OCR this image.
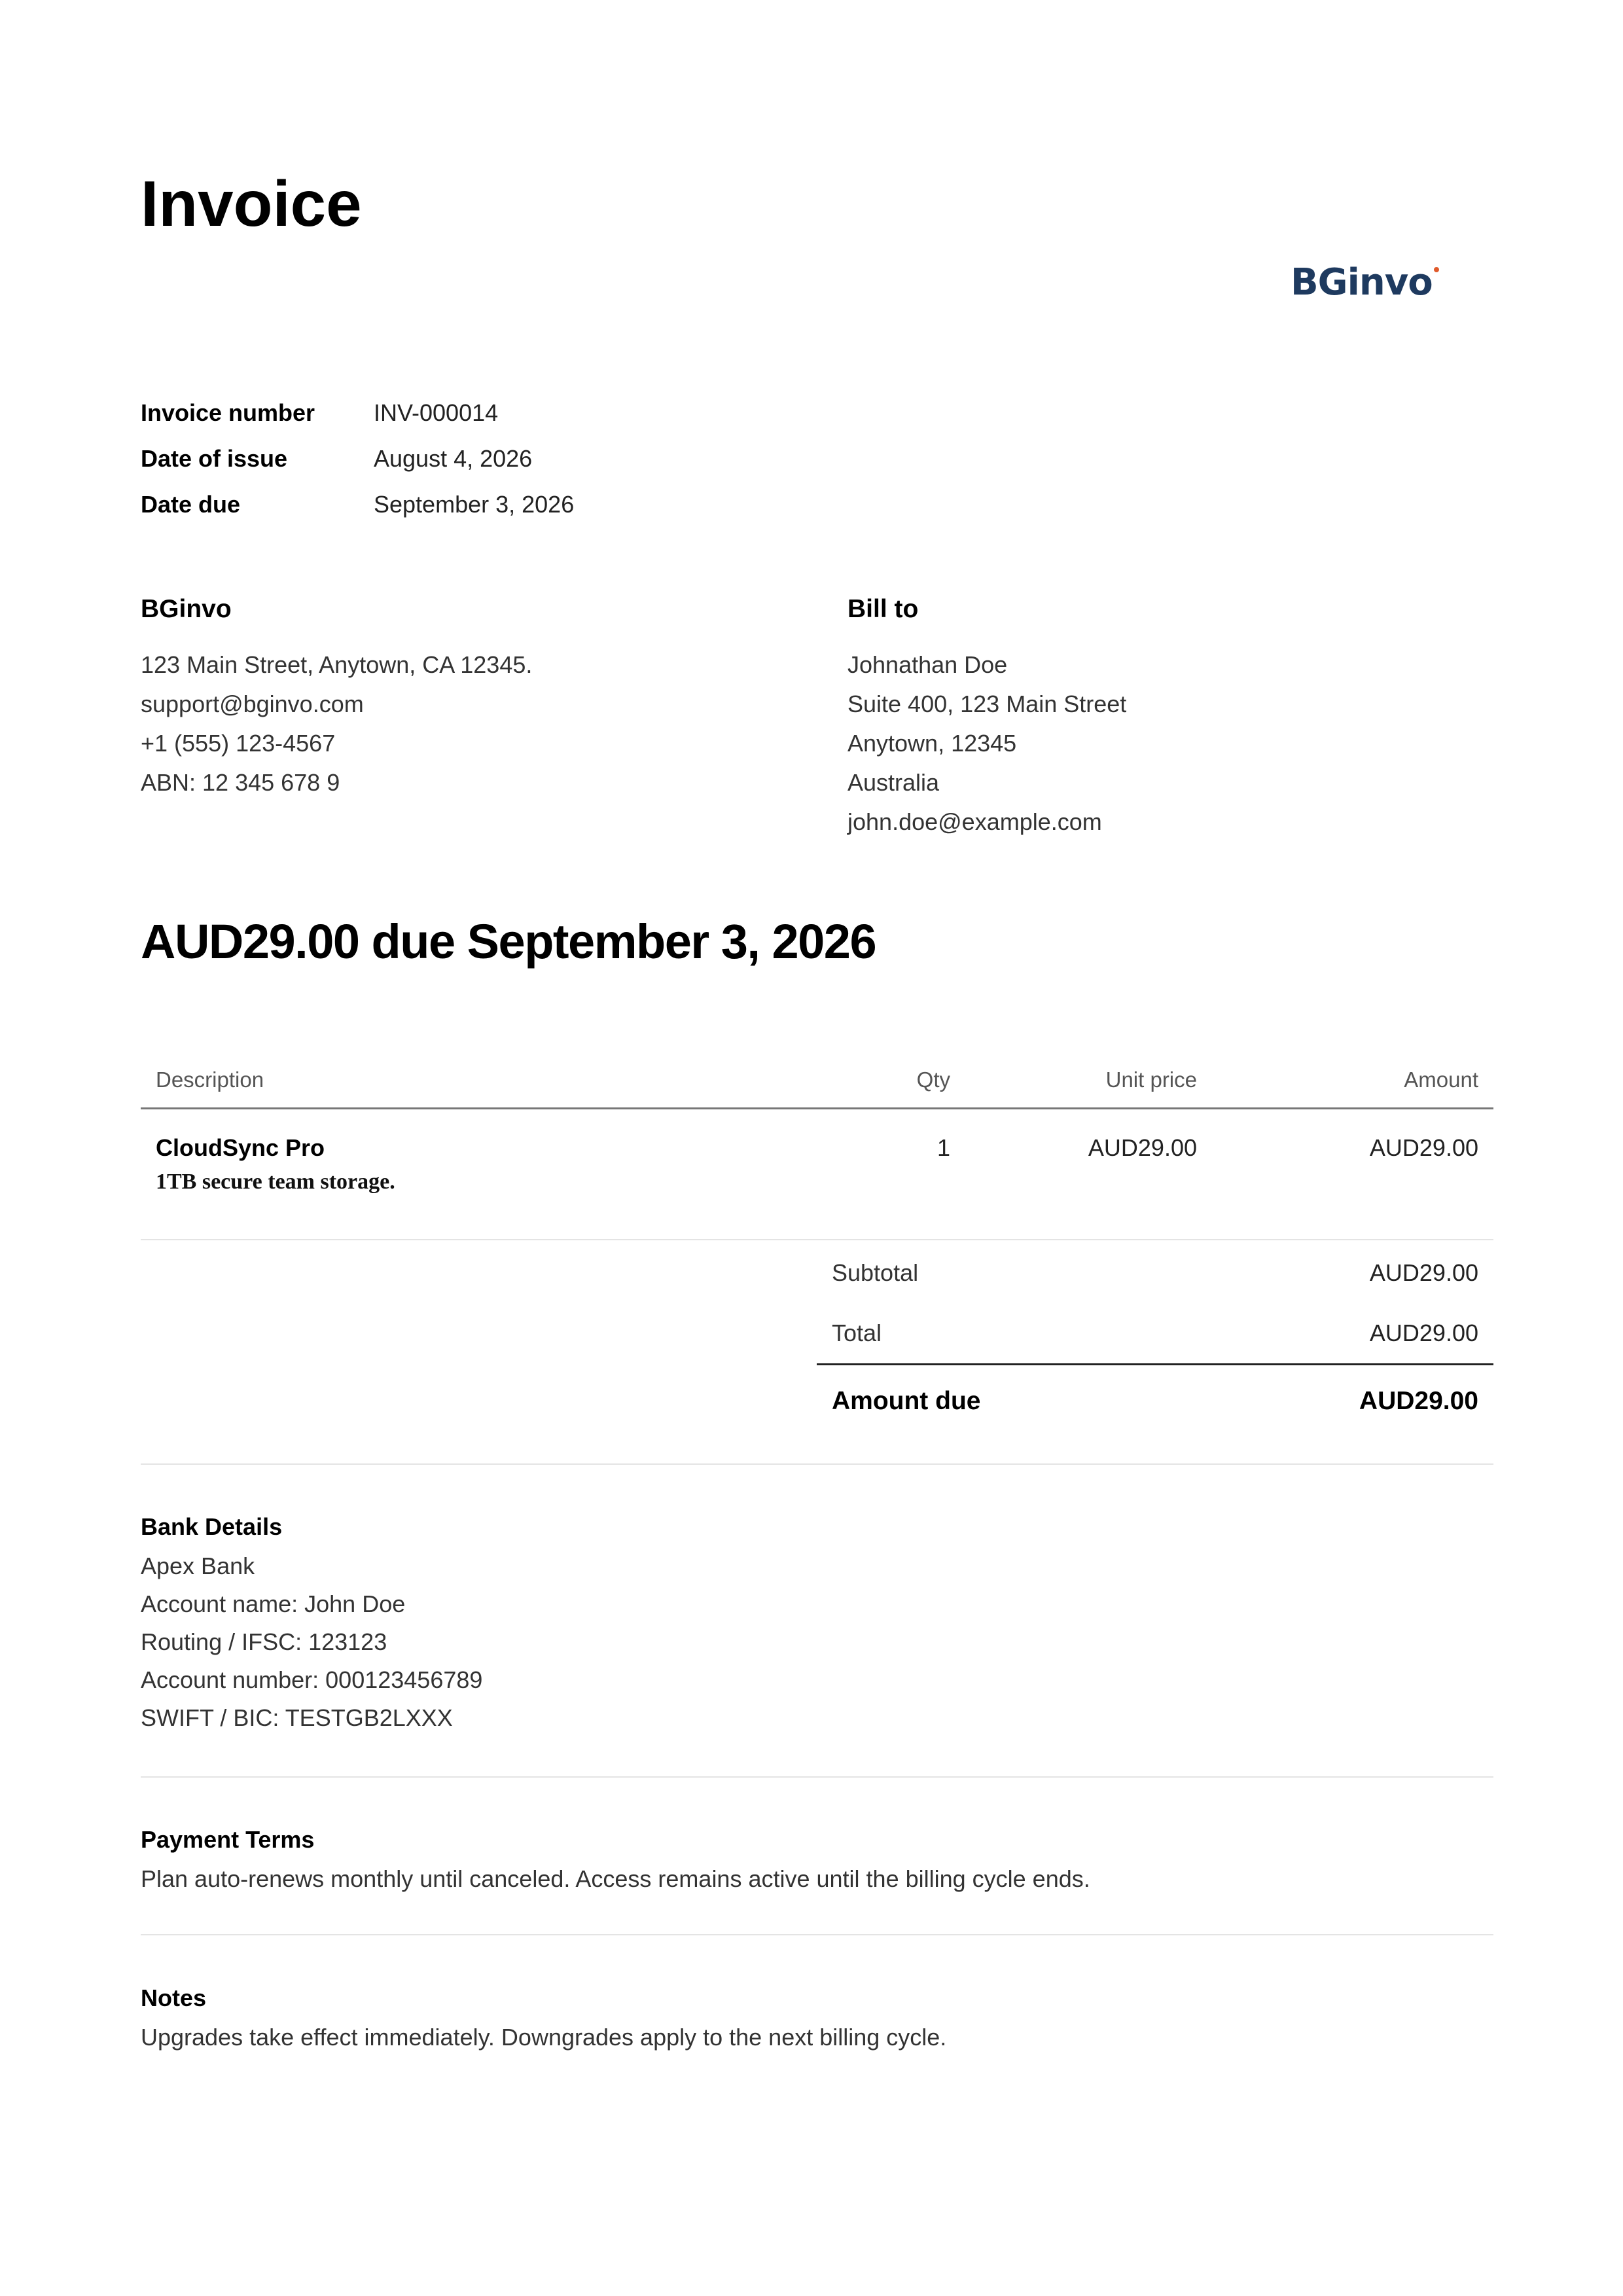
Invoice
BGinvo
Invoice number	INV-000014
Date of issue	August 4, 2026
Date due	September 3, 2026
BGinvo
123 Main Street, Anytown, CA 12345.
support@bginvo.com
+1 (555) 123-4567
ABN: 12 345 678 9
Bill to
Johnathan Doe
Suite 400, 123 Main Street
Anytown, 12345
Australia
john.doe@example.com
AUD29.00 due September 3, 2026
Description	Qty	Unit price	Amount
CloudSync Pro
1TB secure team storage.
1	AUD29.00	AUD29.00
Subtotal	AUD29.00
Total	AUD29.00
Amount due	AUD29.00
Bank Details
Apex Bank
Account name: John Doe
Routing / IFSC: 123123
Account number: 000123456789
SWIFT / BIC: TESTGB2LXXX
Payment Terms
Plan auto-renews monthly until canceled. Access remains active until the billing cycle ends.
Notes
Upgrades take effect immediately. Downgrades apply to the next billing cycle.
